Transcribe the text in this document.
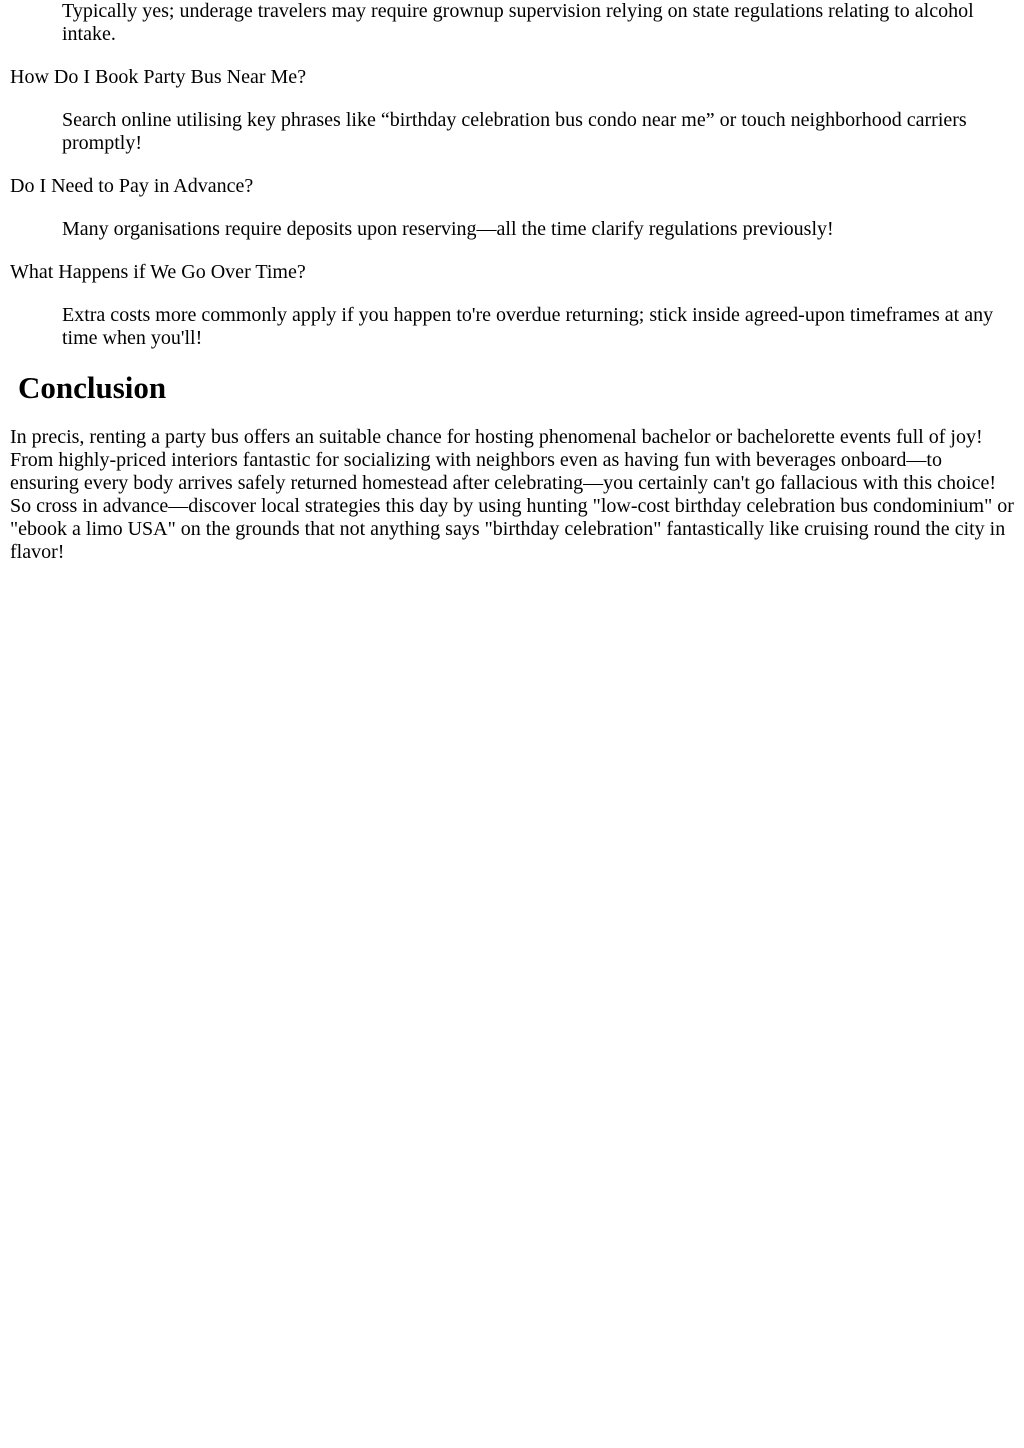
Typically yes; underage travelers may require grownup supervision relying on state regulations relating to alcohol intake.

How Do I Book Party Bus Near Me?

Search online utilising key phrases like “birthday celebration bus condo near me” or touch neighborhood carriers promptly!

Do I Need to Pay in Advance?

Many organisations require deposits upon reserving—all the time clarify regulations previously!

What Happens if We Go Over Time?

Extra costs more commonly apply if you happen to're overdue returning; stick inside agreed-upon timeframes at any time when you'll!

Conclusion

In precis, renting a party bus offers an suitable chance for hosting phenomenal bachelor or bachelorette events full of joy! From highly-priced interiors fantastic for socializing with neighbors even as having fun with beverages onboard—to ensuring every body arrives safely returned homestead after celebrating—you certainly can't go fallacious with this choice! So cross in advance—discover local strategies this day by using hunting "low-cost birthday celebration bus condominium" or "ebook a limo USA" on the grounds that not anything says "birthday celebration" fantastically like cruising round the city in flavor!
